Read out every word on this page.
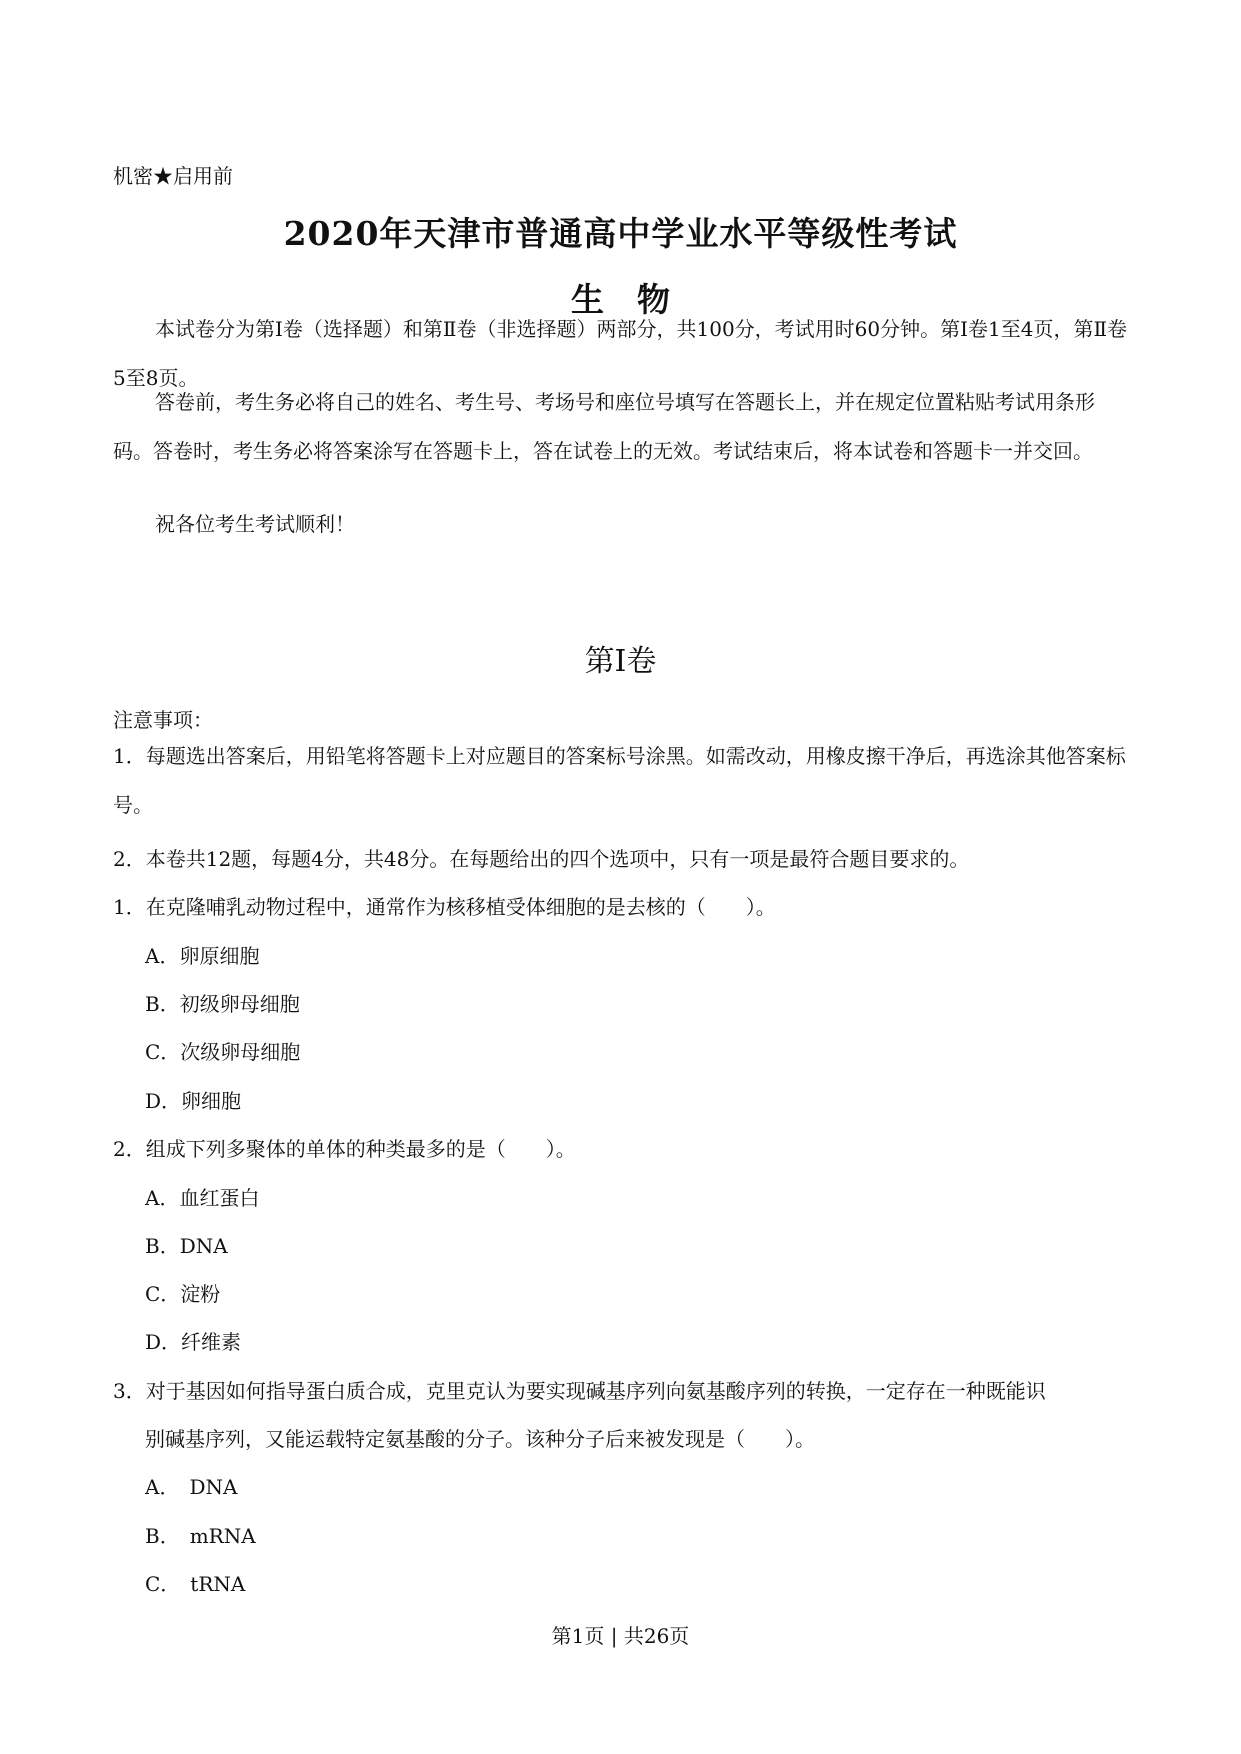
机密★启用前
2020年天津市普通高中学业水平等级性考试
生　物
本试卷分为第Ⅰ卷（选择题）和第Ⅱ卷（非选择题）两部分，共100分，考试用时60分钟。第Ⅰ卷1至4页，第Ⅱ卷5至8页。
答卷前，考生务必将自己的姓名、考生号、考场号和座位号填写在答题长上，并在规定位置粘贴考试用条形码。答卷时，考生务必将答案涂写在答题卡上，答在试卷上的无效。考试结束后，将本试卷和答题卡一并交回。
祝各位考生考试顺利！
第Ⅰ卷
注意事项：
1．每题选出答案后，用铅笔将答题卡上对应题目的答案标号涂黑。如需改动，用橡皮擦干净后，再选涂其他答案标号。
2．本卷共12题，每题4分，共48分。在每题给出的四个选项中，只有一项是最符合题目要求的。
1．在克隆哺乳动物过程中，通常作为核移植受体细胞的是去核的（　　）。
A．卵原细胞
B．初级卵母细胞
C．次级卵母细胞
D．卵细胞
2．组成下列多聚体的单体的种类最多的是（　　）。
A．血红蛋白
B．DNA
C．淀粉
D．纤维素
3．对于基因如何指导蛋白质合成，克里克认为要实现碱基序列向氨基酸序列的转换，一定存在一种既能识
别碱基序列，又能运载特定氨基酸的分子。该种分子后来被发现是（　　）。
A．　DNA
B．　mRNA
C．　tRNA
第1页 | 共26页
